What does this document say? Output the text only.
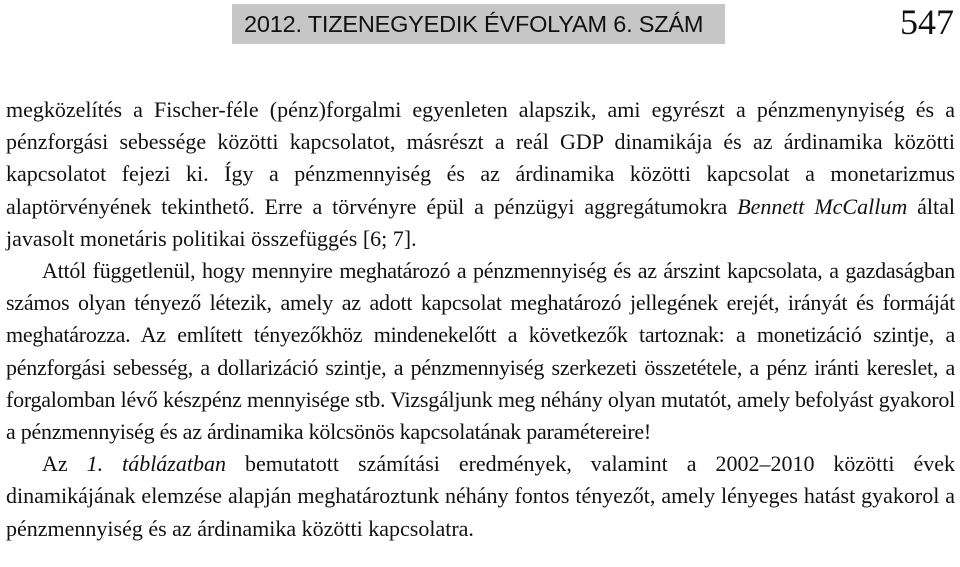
2012. TIZENEGYEDIK ÉVFOLYAM 6. SZÁM	547

megközelítés a Fischer-féle (pénz)forgalmi egyenleten alapszik, ami egyrészt a pénzmenynyiség és a pénzforgási sebessége közötti kapcsolatot, másrészt a reál GDP dinamikája és az árdinamika közötti kapcsolatot fejezi ki. Így a pénzmennyiség és az árdinamika közötti kapcsolat a monetarizmus alaptörvényének tekinthető. Erre a törvényre épül a pénzügyi aggregátumokra Bennett McCallum által javasolt monetáris politikai összefüggés [6; 7].

Attól függetlenül, hogy mennyire meghatározó a pénzmennyiség és az árszint kapcsolata, a gazdaságban számos olyan tényező létezik, amely az adott kapcsolat meghatározó jellegének erejét, irányát és formáját meghatározza. Az említett tényezőkhöz mindenekelőtt a következők tartoznak: a monetizáció szintje, a pénzforgási sebesség, a dollarizáció szintje, a pénzmennyiség szerkezeti összetétele, a pénz iránti kereslet, a forgalomban lévő készpénz mennyisége stb. Vizsgáljunk meg néhány olyan mutatót, amely befolyást gyakorol a pénzmennyiség és az árdinamika kölcsönös kapcsolatának paramétereire!

Az 1. táblázatban bemutatott számítási eredmények, valamint a 2002–2010 közötti évek dinamikájának elemzése alapján meghatároztunk néhány fontos tényezőt, amely lényeges hatást gyakorol a pénzmennyiség és az árdinamika közötti kapcsolatra.
